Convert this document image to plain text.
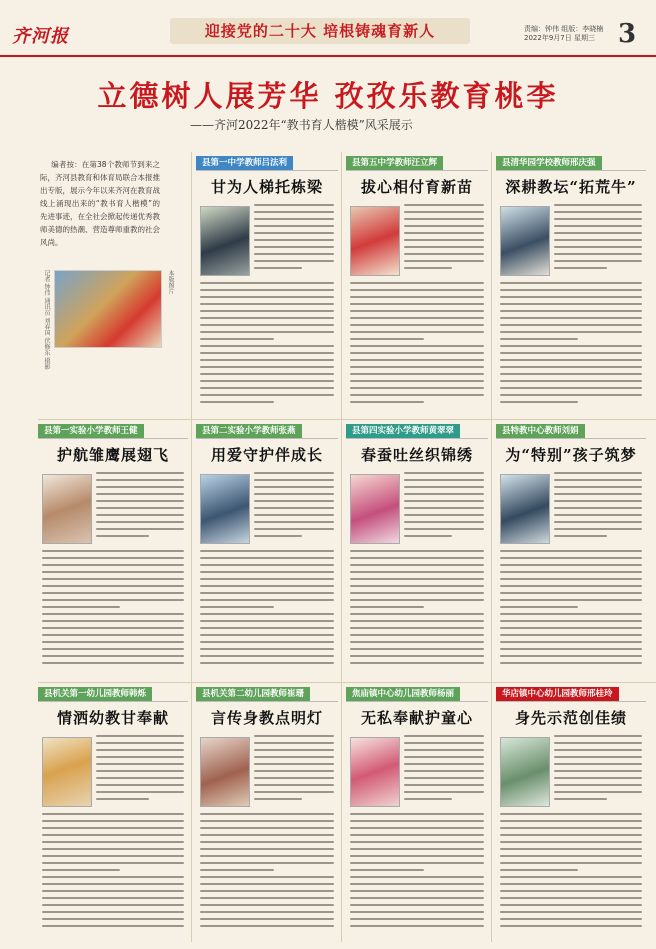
齐河报	迎接党的二十大 培根铸魂育新人	责编：钟伟 组版：李晓楠
2022年9月7日 星期三 3
立德树人展芳华 孜孜乐教育桃李
——齐河2022年“教书育人楷模”风采展示
编者按：在第38个教师节到来之际，齐河县教育和体育局联合本报推出专版，展示今年以来齐河在教育战线上涌现出来的“教书育人楷模”的先进事迹，在全社会掀起传递优秀教师美德的热潮、营造尊师重教的社会风尚。
记者 钟伟 通讯员 刘春国 伏修东 摄影	本版图片
县第一中学教师吕法利
甘为人梯托栋梁
县第五中学教师汪立辉
拔心相付育新苗
县清华园学校教师邢庆强
深耕教坛“拓荒牛”
县第一实验小学教师王健
护航雏鹰展翅飞
县第二实验小学教师张燕
用爱守护伴成长
县第四实验小学教师黄翠翠
春蚕吐丝织锦绣
县特教中心教师刘娟
为“特别”孩子筑梦
县机关第一幼儿园教师韩烁
情洒幼教甘奉献
县机关第二幼儿园教师崔珊
言传身教点明灯
焦庙镇中心幼儿园教师杨丽
无私奉献护童心
华店镇中心幼儿园教师邢桂玲
身先示范创佳绩
